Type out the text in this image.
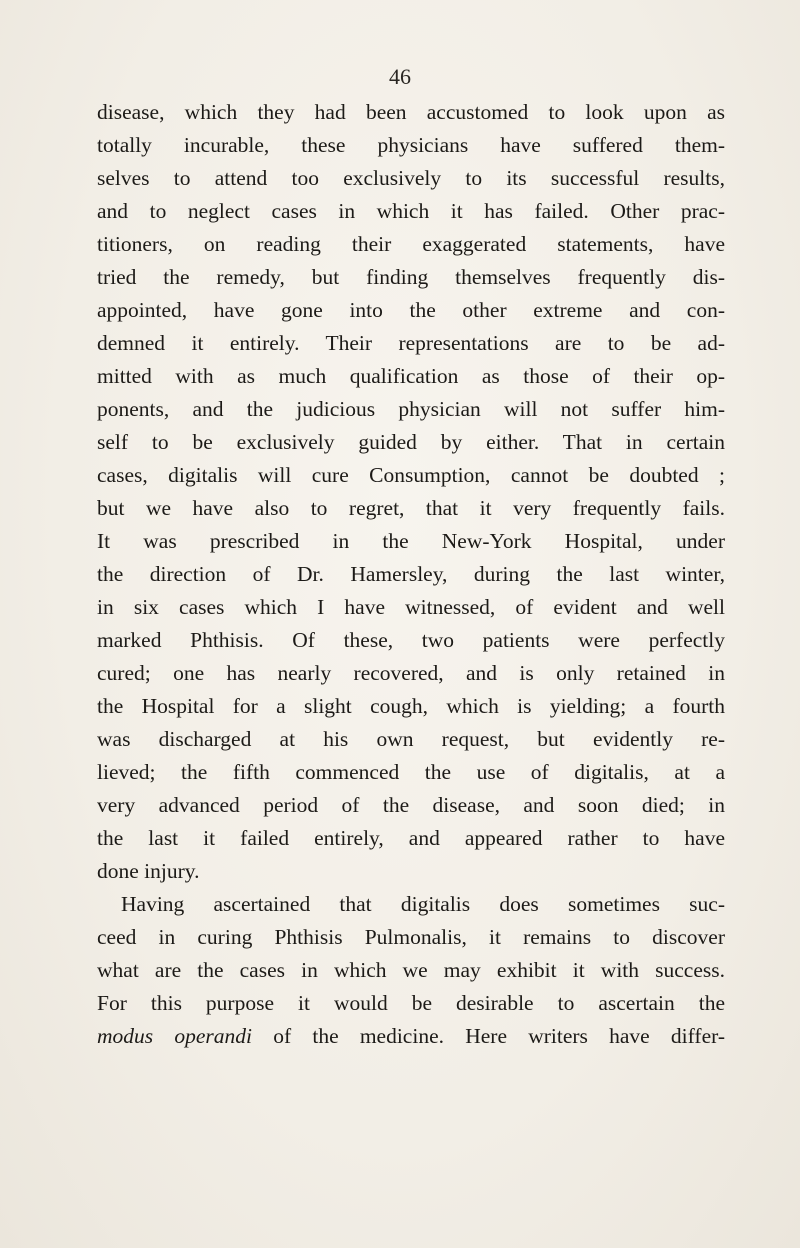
46
disease, which they had been accustomed to look upon as
totally incurable, these physicians have suffered them-
selves to attend too exclusively to its successful results,
and to neglect cases in which it has failed. Other prac-
titioners, on reading their exaggerated statements, have
tried the remedy, but finding themselves frequently dis-
appointed, have gone into the other extreme and con-
demned it entirely. Their representations are to be ad-
mitted with as much qualification as those of their op-
ponents, and the judicious physician will not suffer him-
self to be exclusively guided by either. That in certain
cases, digitalis will cure Consumption, cannot be doubted ;
but we have also to regret, that it very frequently fails.
It was prescribed in the New-York Hospital, under
the direction of Dr. Hamersley, during the last winter,
in six cases which I have witnessed, of evident and well
marked Phthisis. Of these, two patients were perfectly
cured; one has nearly recovered, and is only retained in
the Hospital for a slight cough, which is yielding; a fourth
was discharged at his own request, but evidently re-
lieved; the fifth commenced the use of digitalis, at a
very advanced period of the disease, and soon died; in
the last it failed entirely, and appeared rather to have
done injury.
Having ascertained that digitalis does sometimes suc-
ceed in curing Phthisis Pulmonalis, it remains to discover
what are the cases in which we may exhibit it with success.
For this purpose it would be desirable to ascertain the
modus operandi of the medicine. Here writers have differ-
